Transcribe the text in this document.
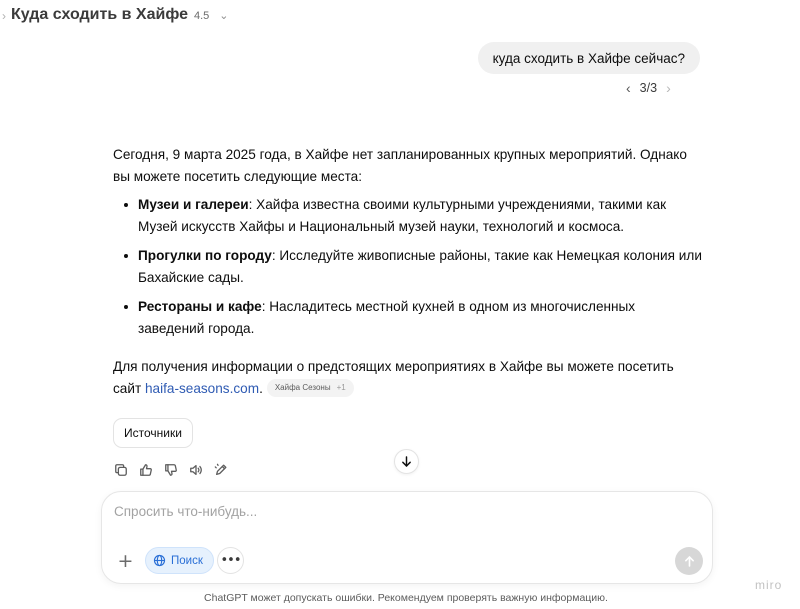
› Куда сходить в Хайфе 4.5 ⌄
куда сходить в Хайфе сейчас?
‹ 3/3 ›

Сегодня, 9 марта 2025 года, в Хайфе нет запланированных крупных мероприятий. Однако вы можете посетить следующие места:

Музеи и галереи: Хайфа известна своими культурными учреждениями, такими как Музей искусств Хайфы и Национальный музей науки, технологий и космоса.
Прогулки по городу: Исследуйте живописные районы, такие как Немецкая колония или Бахайские сады.
Рестораны и кафе: Насладитесь местной кухней в одном из многочисленных заведений города.

Для получения информации о предстоящих мероприятиях в Хайфе вы можете посетить сайт haifa-seasons.com. Хайфа Сезоны +1

Источники
Спросить что-нибудь...
+	Поиск •••
ChatGPT может допускать ошибки. Рекомендуем проверять важную информацию.
miro
